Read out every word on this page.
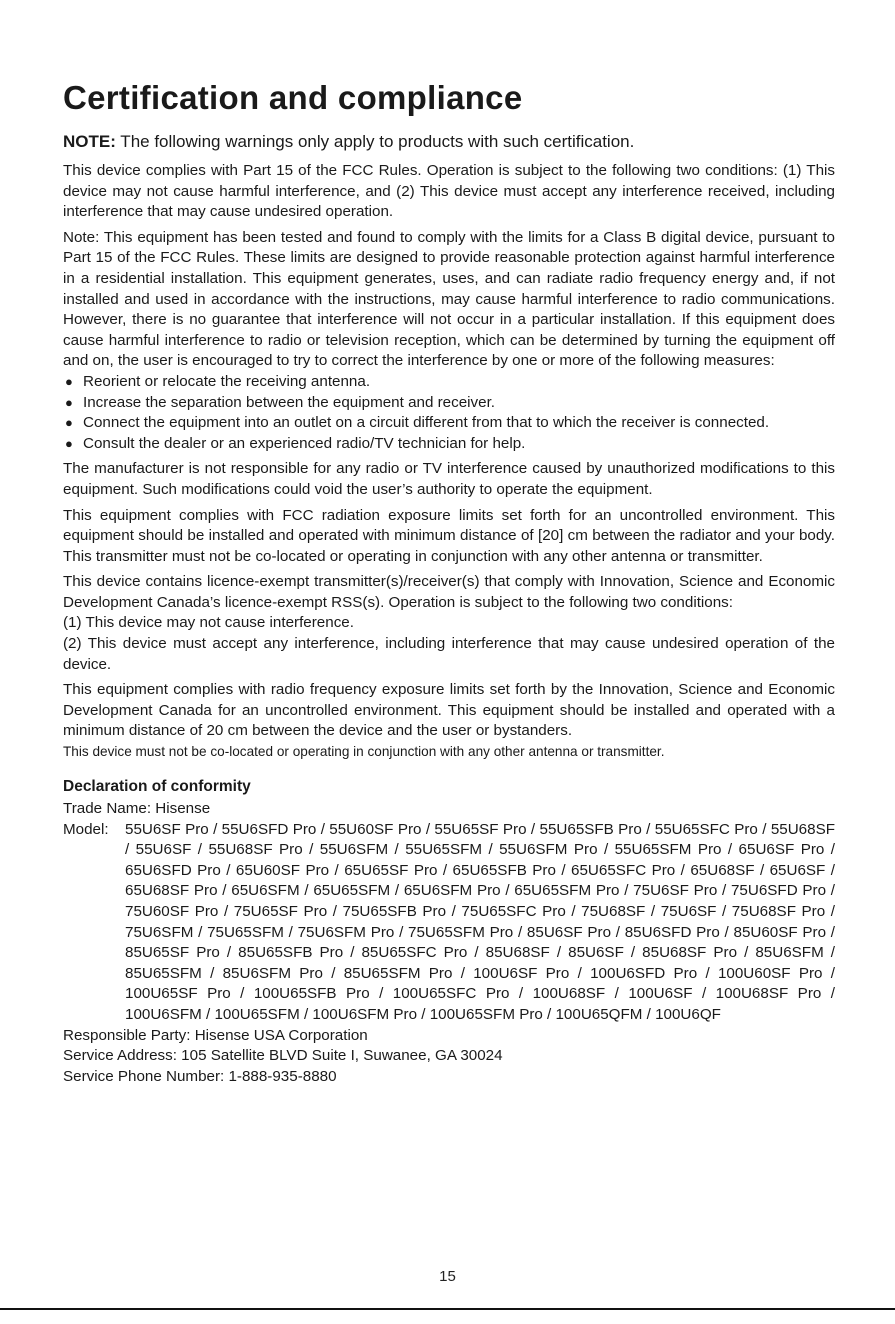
Certification and compliance
NOTE: The following warnings only apply to products with such certification.

This device complies with Part 15 of the FCC Rules. Operation is subject to the following two conditions: (1) This device may not cause harmful interference, and (2) This device must accept any interference received, including interference that may cause undesired operation.

Note: This equipment has been tested and found to comply with the limits for a Class B digital device, pursuant to Part 15 of the FCC Rules. These limits are designed to provide reasonable protection against harmful interference in a residential installation. This equipment generates, uses, and can radiate radio frequency energy and, if not installed and used in accordance with the instructions, may cause harmful interference to radio communications. However, there is no guarantee that interference will not occur in a particular installation. If this equipment does cause harmful interference to radio or television reception, which can be determined by turning the equipment off and on, the user is encouraged to try to correct the interference by one or more of the following measures:

● Reorient or relocate the receiving antenna.
● Increase the separation between the equipment and receiver.
● Connect the equipment into an outlet on a circuit different from that to which the receiver is connected.
● Consult the dealer or an experienced radio/TV technician for help.

The manufacturer is not responsible for any radio or TV interference caused by unauthorized modifications to this equipment. Such modifications could void the user’s authority to operate the equipment.

This equipment complies with FCC radiation exposure limits set forth for an uncontrolled environment. This equipment should be installed and operated with minimum distance of [20] cm between the radiator and your body. This transmitter must not be co-located or operating in conjunction with any other antenna or transmitter.

This device contains licence-exempt transmitter(s)/receiver(s) that comply with Innovation, Science and Economic Development Canada’s licence-exempt RSS(s). Operation is subject to the following two conditions:

(1) This device may not cause interference.

(2) This device must accept any interference, including interference that may cause undesired operation of the device.

This equipment complies with radio frequency exposure limits set forth by the Innovation, Science and Economic Development Canada for an uncontrolled environment. This equipment should be installed and operated with a minimum distance of 20 cm between the device and the user or bystanders.

This device must not be co-located or operating in conjunction with any other antenna or transmitter.

Declaration of conformity

Trade Name: Hisense

Model:	55U6SF Pro / 55U6SFD Pro / 55U60SF Pro / 55U65SF Pro / 55U65SFB Pro / 55U65SFC Pro / 55U68SF / 55U6SF / 55U68SF Pro / 55U6SFM / 55U65SFM / 55U6SFM Pro / 55U65SFM Pro / 65U6SF Pro / 65U6SFD Pro / 65U60SF Pro / 65U65SF Pro / 65U65SFB Pro / 65U65SFC Pro / 65U68SF / 65U6SF / 65U68SF Pro / 65U6SFM / 65U65SFM / 65U6SFM Pro / 65U65SFM Pro / 75U6SF Pro / 75U6SFD Pro / 75U60SF Pro / 75U65SF Pro / 75U65SFB Pro / 75U65SFC Pro / 75U68SF / 75U6SF / 75U68SF Pro / 75U6SFM / 75U65SFM / 75U6SFM Pro / 75U65SFM Pro / 85U6SF Pro / 85U6SFD Pro / 85U60SF Pro / 85U65SF Pro / 85U65SFB Pro / 85U65SFC Pro / 85U68SF / 85U6SF / 85U68SF Pro / 85U6SFM / 85U65SFM / 85U6SFM Pro / 85U65SFM Pro / 100U6SF Pro / 100U6SFD Pro / 100U60SF Pro / 100U65SF Pro / 100U65SFB Pro / 100U65SFC Pro / 100U68SF / 100U6SF / 100U68SF Pro / 100U6SFM / 100U65SFM / 100U6SFM Pro / 100U65SFM Pro / 100U65QFM / 100U6QF

Responsible Party: Hisense USA Corporation

Service Address: 105 Satellite BLVD Suite I, Suwanee, GA 30024

Service Phone Number: 1-888-935-8880

15
